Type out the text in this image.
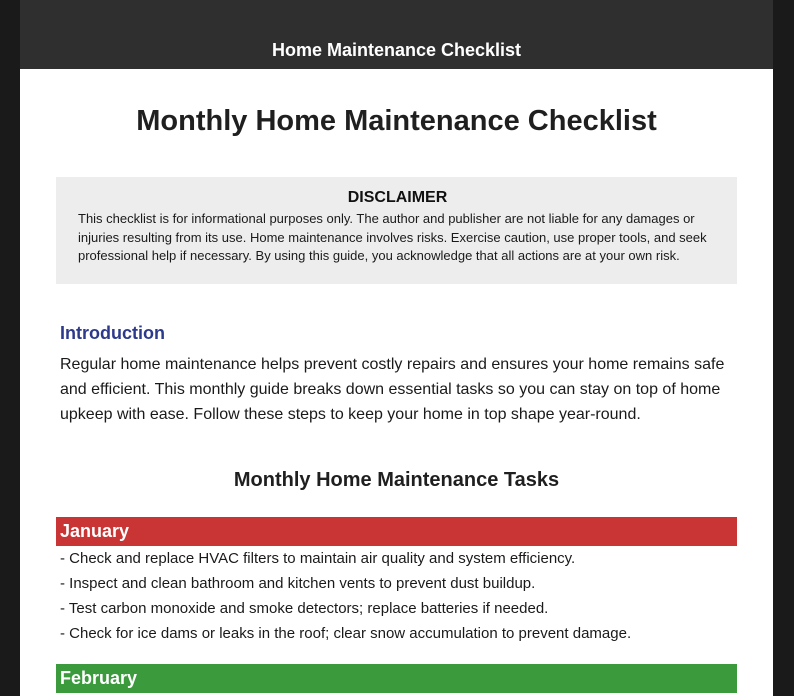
Home Maintenance Checklist
Monthly Home Maintenance Checklist
DISCLAIMER
This checklist is for informational purposes only. The author and publisher are not liable for any damages or injuries resulting from its use. Home maintenance involves risks. Exercise caution, use proper tools, and seek professional help if necessary. By using this guide, you acknowledge that all actions are at your own risk.
Introduction
Regular home maintenance helps prevent costly repairs and ensures your home remains safe and efficient. This monthly guide breaks down essential tasks so you can stay on top of home upkeep with ease. Follow these steps to keep your home in top shape year-round.
Monthly Home Maintenance Tasks
January
- Check and replace HVAC filters to maintain air quality and system efficiency.
- Inspect and clean bathroom and kitchen vents to prevent dust buildup.
- Test carbon monoxide and smoke detectors; replace batteries if needed.
- Check for ice dams or leaks in the roof; clear snow accumulation to prevent damage.
February
